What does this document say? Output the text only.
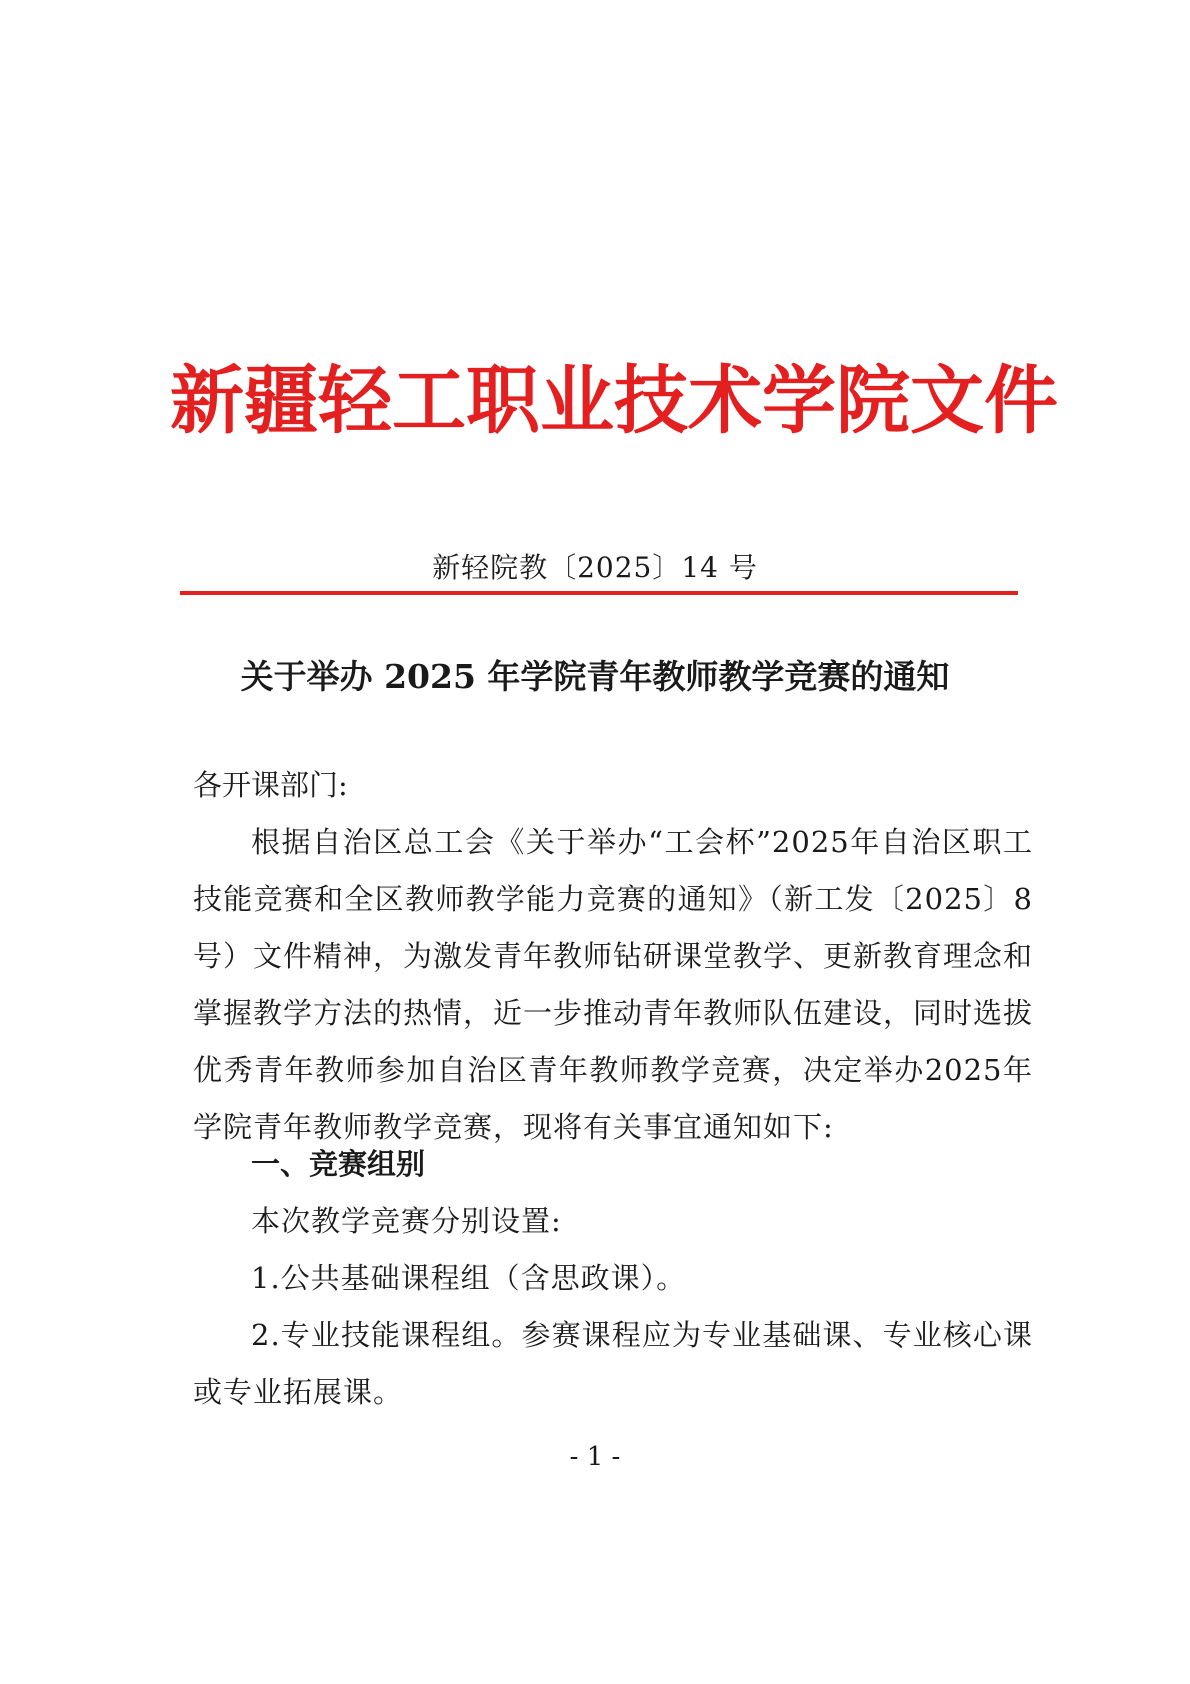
新疆轻工职业技术学院文件
新轻院教〔2025〕14 号
关于举办 2025 年学院青年教师教学竞赛的通知
各开课部门:
根据自治区总工会《关于举办“工会杯”2025年自治区职工技能竞赛和全区教师教学能力竞赛的通知》（新工发〔2025〕8号）文件精神，为激发青年教师钻研课堂教学、更新教育理念和掌握教学方法的热情，近一步推动青年教师队伍建设，同时选拔优秀青年教师参加自治区青年教师教学竞赛，决定举办2025年学院青年教师教学竞赛，现将有关事宜通知如下:
一、竞赛组别
本次教学竞赛分别设置:
1.公共基础课程组（含思政课）。
2.专业技能课程组。参赛课程应为专业基础课、专业核心课或专业拓展课。
- 1 -
